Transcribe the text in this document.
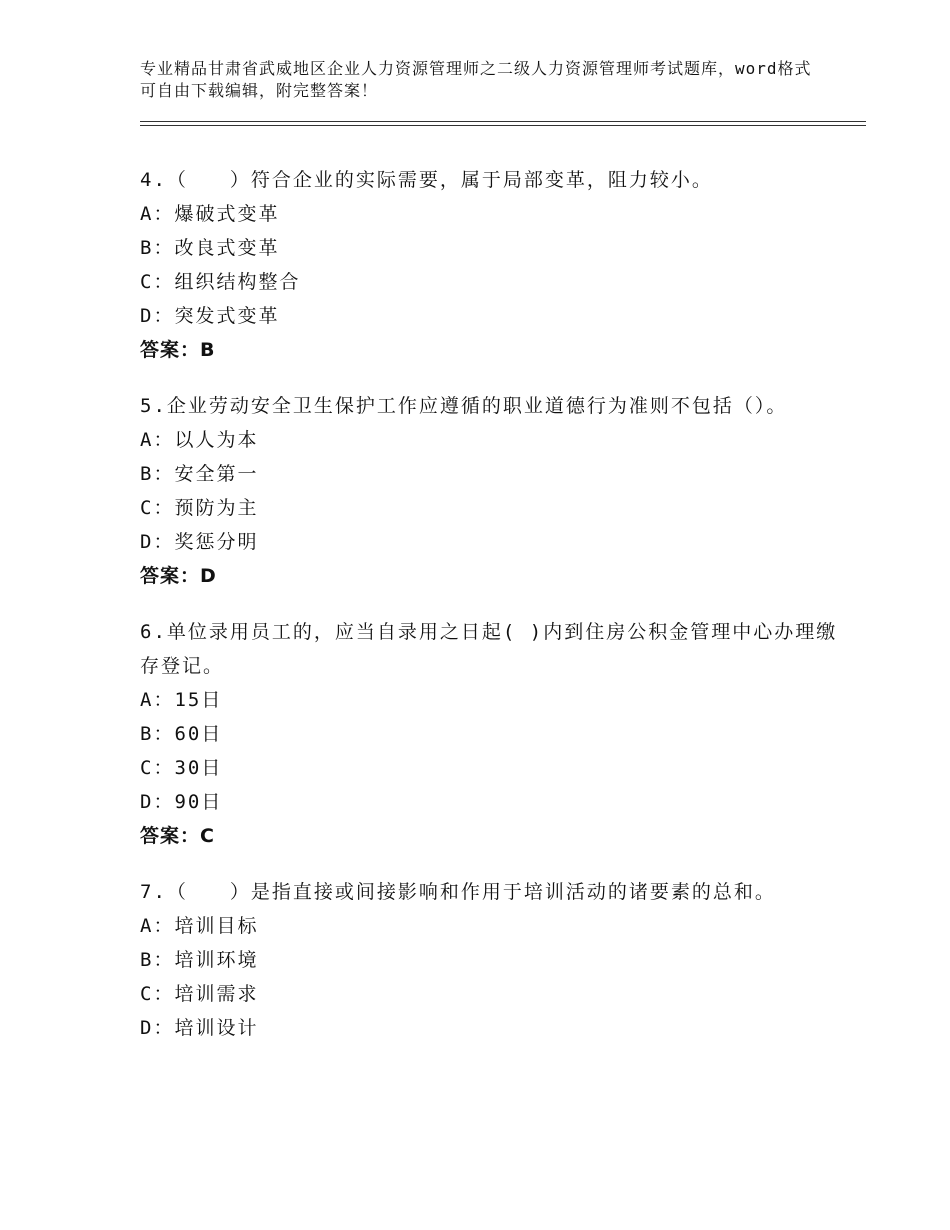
专业精品甘肃省武威地区企业人力资源管理师之二级人力资源管理师考试题库，word格式可自由下载编辑，附完整答案！
4.（　　）符合企业的实际需要，属于局部变革，阻力较小。
A：爆破式变革
B：改良式变革
C：组织结构整合
D：突发式变革
答案：B
5.企业劳动安全卫生保护工作应遵循的职业道德行为准则不包括（）。
A：以人为本
B：安全第一
C：预防为主
D：奖惩分明
答案：D
6.单位录用员工的，应当自录用之日起( )内到住房公积金管理中心办理缴存登记。
A：15日
B：60日
C：30日
D：90日
答案：C
7.（　　）是指直接或间接影响和作用于培训活动的诸要素的总和。
A：培训目标
B：培训环境
C：培训需求
D：培训设计
